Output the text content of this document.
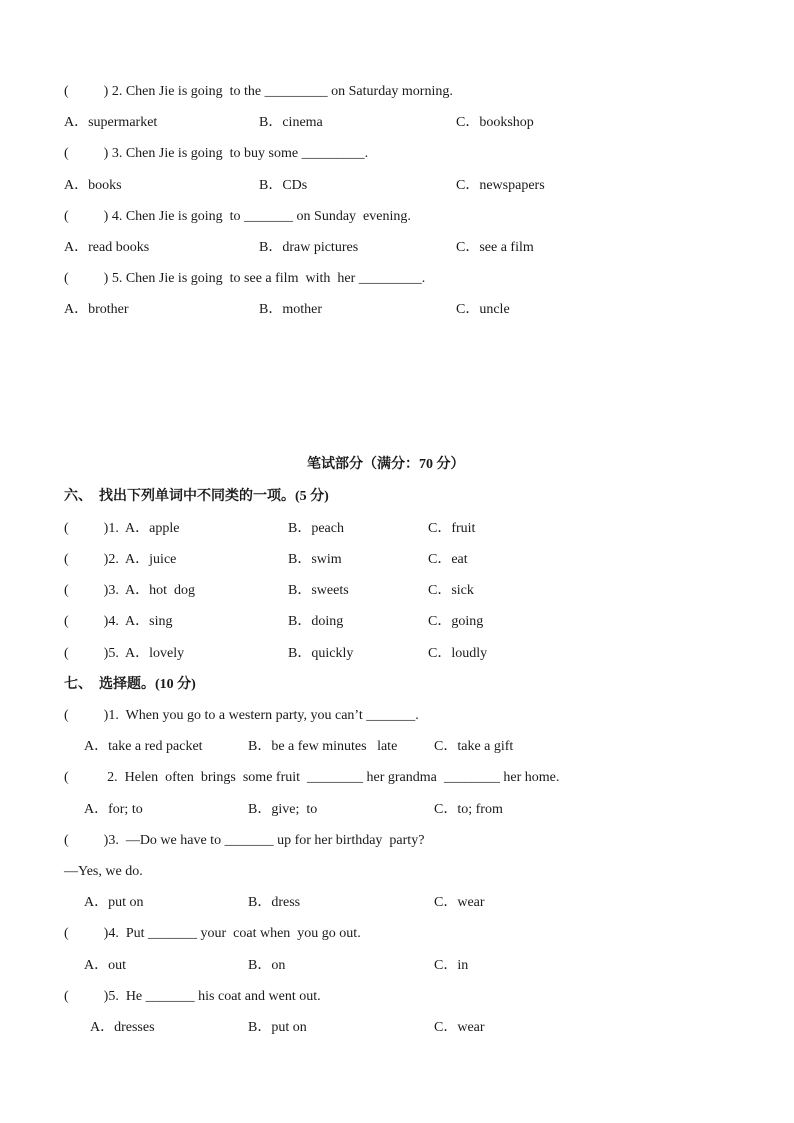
(          ) 2. Chen Jie is going  to the _________ on Saturday morning.
A．supermarket	B．cinema	C．bookshop
(          ) 3. Chen Jie is going  to buy some _________.
A．books	B．CDs	C．newspapers
(          ) 4. Chen Jie is going  to _______ on Sunday  evening.
A．read books	B．draw pictures	C．see a film
(          ) 5. Chen Jie is going  to see a film  with  her _________.
A．brother	B．mother	C．uncle
笔试部分（满分：70 分）
六、  找出下列单词中不同类的一项。(5 分)
(          )1.  A．apple	B．peach	C．fruit
(          )2.  A．juice	B．swim	C．eat
(          )3.  A．hot  dog	B．sweets	C．sick
(          )4.  A．sing	B．doing	C．going
(          )5.  A．lovely	B．quickly	C．loudly
七、  选择题。(10 分)
(          )1.  When you go to a western party, you can’t _______.
A．take a red packet	B．be a few minutes   late	C．take a gift
(           2.  Helen  often  brings  some fruit  ________ her grandma  ________ her home.
A．for; to	B．give;  to	C．to; from
(          )3.  —Do we have to _______ up for her birthday  party?
—Yes, we do.
A．put on	B．dress	C．wear
(          )4.  Put _______ your  coat when  you go out.
A．out	B．on	C．in
(          )5.  He _______ his coat and went out.
A．dresses	B．put on	C．wear
